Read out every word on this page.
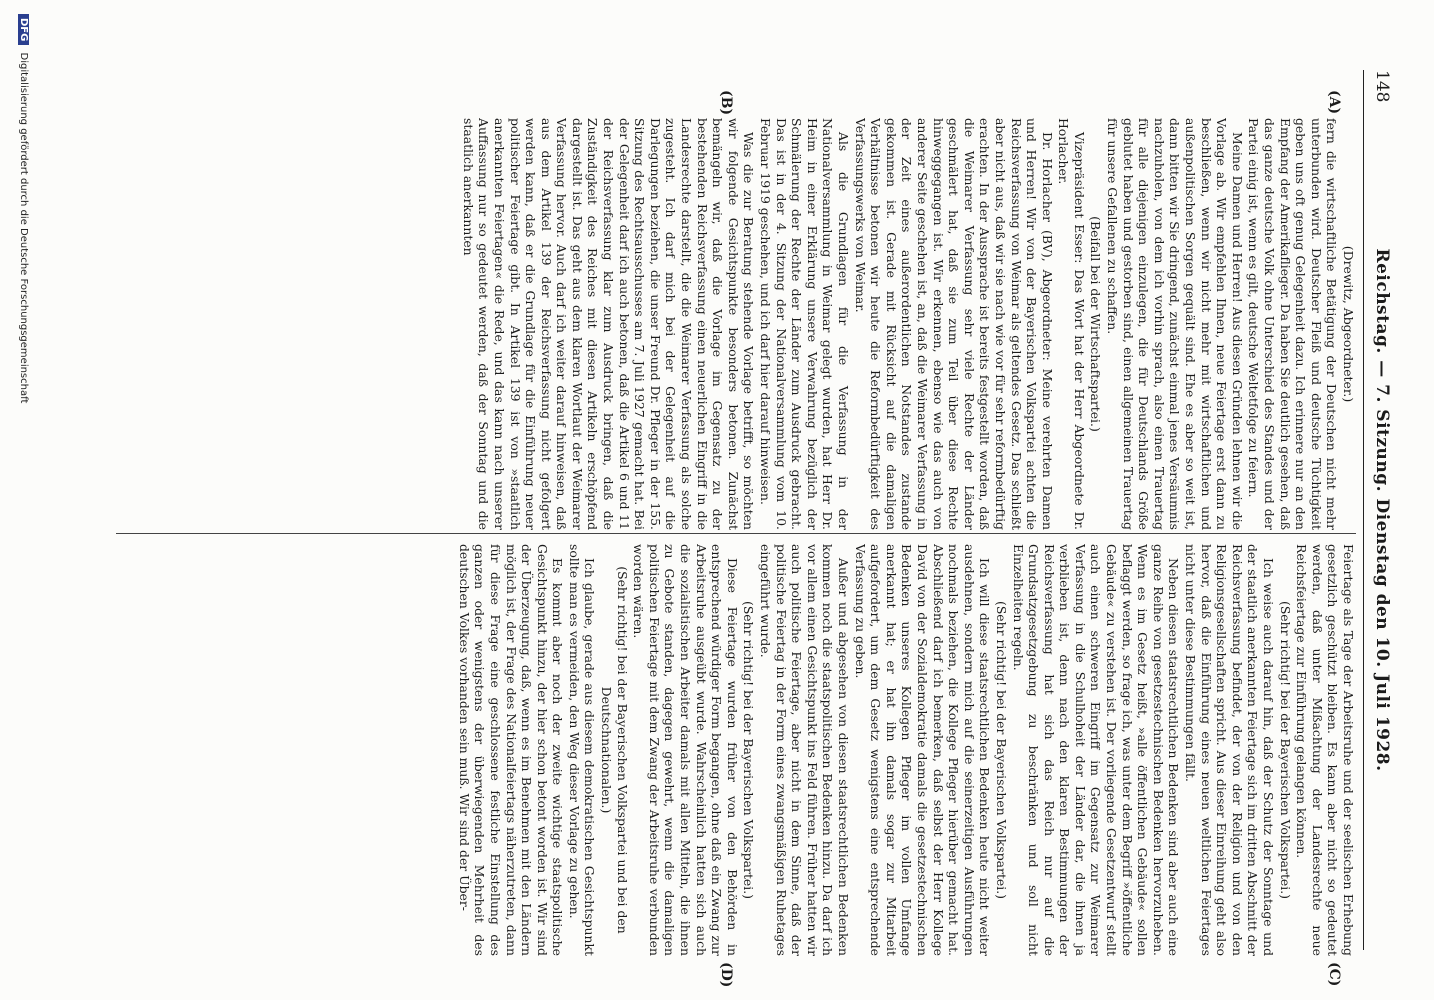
148
Reichstag. — 7. Sitzung. Dienstag den 10. Juli 1928.
(A)
(B)
(C)
(D)

(Drewitz, Abgeordneter.)

fern die wirtschaftliche Betätigung der Deutschen nicht mehr unterbunden wird. Deutscher Fleiß und deutsche Tüchtigkeit geben uns oft genug Gelegenheit dazu. Ich erinnere nur an den Empfang der Amerikaflieger. Da haben Sie deutlich gesehen, daß das ganze deutsche Volk ohne Unterschied des Standes und der Partei einig ist, wenn es gilt, deutsche Weltetfolge zu feiern.

Meine Damen und Herren! Aus diesen Gründen lehnen wir die Vorlage ab. Wir empfehlen Ihnen, neue Feiertage erst dann zu beschließen, wenn wir nicht mehr mit wirtschaftlichen und außenpolitischen Sorgen gequält sind. Ehe es aber so weit ist, dann bitten wir Sie dringend, zunächst einmal jenes Versäumnis nachzuholen, von dem ich vorhin sprach, also einen Trauertag für alle diejenigen einzulegen, die für Deutschlands Größe geblutet haben und gestorben sind, einen allgemeinen Trauertag für unsere Gefallenen zu schaffen.

(Beifall bei der Wirtschaftspartei.)

Vizepräsident Esser: Das Wort hat der Herr Abgeordnete Dr. Horlacher.

Dr. Horlacher (BV), Abgeordneter: Meine verehrten Damen und Herren! Wir von der Bayerischen Volkspartei achten die Reichsverfassung von Weimar als geltendes Gesetz. Das schließt aber nicht aus, daß wir sie nach wie vor für sehr reformbedürftig erachten. In der Aussprache ist bereits festgestellt worden, daß die Weimarer Verfassung sehr viele Rechte der Länder geschmälert hat, daß sie zum Teil über diese Rechte hinweggegangen ist. Wir erkennen, ebenso wie das auch von anderer Seite geschehen ist, an, daß die Weimarer Verfassung in der Zeit eines außerordentlichen Notstandes zustande gekommen ist. Gerade mit Rücksicht auf die damaligen Verhältnisse betonen wir heute die Reformbedürftigkeit des Verfassungswerks von Weimar.

Als die Grundlagen für die Verfassung in der Nationalversammlung in Weimar gelegt wurden, hat Herr Dr. Heim in einer Erklärung unsere Verwahrung bezüglich der Schmälerung der Rechte der Länder zum Ausdruck gebracht. Das ist in der 4. Sitzung der Nationalversammlung vom 10. Februar 1919 geschehen, und ich darf hier darauf hinweisen.

Was die zur Beratung stehende Vorlage betrifft, so möchten wir folgende Gesichtspunkte besonders betonen. Zunächst bemängeln wir, daß die Vorlage im Gegensatz zu der bestehenden Reichsverfassung einen neuerlichen Eingriff in die Landesrechte darstellt, die die Weimarer Verfassung als solche zugesteht. Ich darf mich bei der Gelegenheit auf die Darlegungen beziehen, die unser Freund Dr. Pfleger in der 155. Sitzung des Rechtsausschusses am 7. Juli 1927 gemacht hat. Bei der Gelegenheit darf ich auch betonen, daß die Artikel 6 und 11 der Reichsverfassung klar zum Ausdruck bringen, daß die Zuständigkeit des Reiches mit diesen Artikeln erschöpfend dargestellt ist. Das geht aus dem klaren Wortlaut der Weimarer Verfassung hervor. Auch darf ich weiter darauf hinweisen, daß aus dem Artikel 139 der Reichsverfassung nicht gefolgert werden kann, daß er die Grundlage für die Einführung neuer politischer Feiertage gibt. In Artikel 139 ist von »staatlich anerkannten Feiertagen« die Rede, und das kann nach unserer Auffassung nur so gedeutet werden, daß der Sonntag und die staatlich anerkannten

Feiertage als Tage der Arbeitsruhe und der seelischen Erhebung gesetzlich geschützt bleiben. Es kann aber nicht so gedeutet werden, daß unter Mißachtung der Landesrechte neue Reichsfeiertage zur Einführung gelangen können.

(Sehr richtig! bei der Bayerischen Volkspartei.)

Ich weise auch darauf hin, daß der Schutz der Sonntage und der staatlich anerkannten Feiertage sich im dritten Abschnitt der Reichsverfassung befindet, der von der Religion und von den Religionsgesellschaften spricht. Aus dieser Einreihung geht also hervor, daß die Einführung eines neuen weltlichen Feiertages nicht unter diese Bestimmungen fällt.

Neben diesen staatsrechtlichen Bedenken sind aber auch eine ganze Reihe von gesetzestechnischen Bedenken hervorzuheben. Wenn es im Gesetz heißt, »alle öffentlichen Gebäude« sollen beflaggt werden, so frage ich, was unter dem Begriff »öffentliche Gebäude« zu verstehen ist. Der vorliegende Gesetzentwurf stellt auch einen schweren Eingriff im Gegensatz zur Weimarer Verfassung in die Schulhoheit der Länder dar, die ihnen ja verblieben ist, denn nach den klaren Bestimmungen der Reichsverfassung hat sich das Reich nur auf die Grundsatzgesetzgebung zu beschränken und soll nicht Einzelheiten regeln.

(Sehr richtig! bei der Bayerischen Volkspartei.)

Ich will diese staatsrechtlichen Bedenken heute nicht weiter ausdehnen, sondern mich auf die seinerzeitigen Ausführungen nochmals beziehen, die Kollege Pfleger hierüber gemacht hat. Abschließend darf ich bemerken, daß selbst der Herr Kollege David von der Sozialdemokratie damals die gesetzestechnischen Bedenken unseres Kollegen Pfleger im vollen Umfange anerkannt hat; er hat ihn damals sogar zur Mitarbeit aufgefordert, um dem Gesetz wenigstens eine entsprechende Verfassung zu geben.

Außer und abgesehen von diesen staatsrechtlichen Bedenken kommen noch die staatspolitischen Bedenken hinzu. Da darf ich vor allem einen Gesichtspunkt ins Feld führen. Früher hatten wir auch politische Feiertage, aber nicht in dem Sinne, daß der politische Feiertag in der Form eines zwangsmäßigen Ruhetages eingeführt wurde.

(Sehr richtig! bei der Bayerischen Volkspartei.)

Diese Feiertage wurden früher von den Behörden in entsprechend würdiger Form begangen, ohne daß ein Zwang zur Arbeitsruhe ausgeübt wurde. Wahrscheinlich hatten sich auch die sozialistischen Arbeiter damals mit allen Mitteln, die ihnen zu Gebote standen, dagegen gewehrt, wenn die damaligen politischen Feiertage mit dem Zwang der Arbeitsruhe verbunden worden wären.

(Sehr richtig! bei der Bayerischen Volkspartei und bei den Deutschnationalen.)

Ich glaube, gerade aus diesem demokratischen Gesichtspunkt sollte man es vermeiden, den Weg dieser Vorlage zu gehen.

Es kommt aber noch der zweite wichtige staatspolitische Gesichtspunkt hinzu, der hier schon betont worden ist. Wir sind der Überzeugung, daß, wenn es im Benehmen mit den Ländern möglich ist, der Frage des Nationalfeiertags näherzutreten, dann für diese Frage eine geschlossene festliche Einstellung des ganzen oder wenigstens der überwiegenden Mehrheit des deutschen Volkes vorhanden sein muß. Wir sind der Über-

DFG Digitalisierung gefördert durch die Deutsche Forschungsgemeinschaft
